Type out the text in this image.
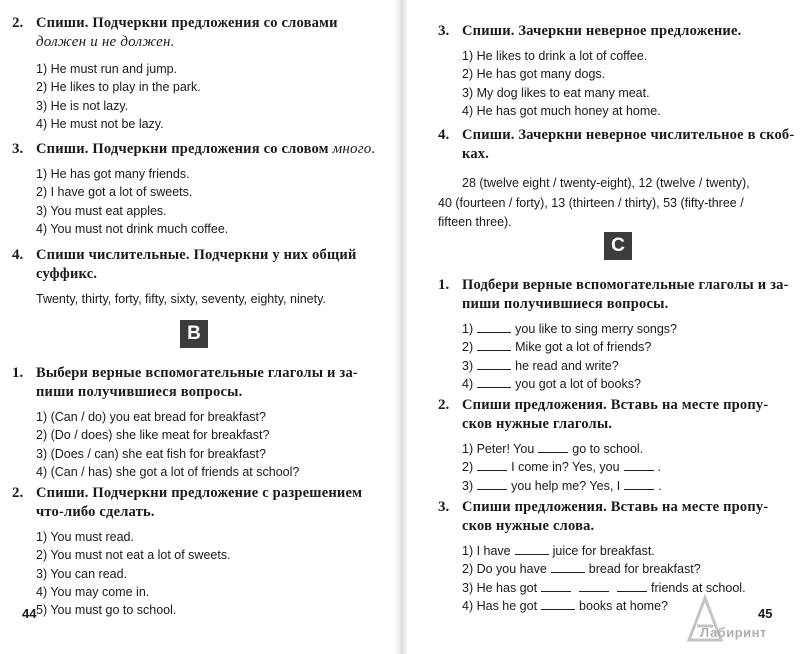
2. Спиши. Подчеркни предложения со словами
должен и не должен.
1) He must run and jump.
2) He likes to play in the park.
3) He is not lazy.
4) He must not be lazy.
3. Спиши. Подчеркни предложения со словом много.
1) He has got many friends.
2) I have got a lot of sweets.
3) You must eat apples.
4) You must not drink much coffee.
4. Спиши числительные. Подчеркни у них общий
суффикс.
Twenty, thirty, forty, fifty, sixty, seventy, eighty, ninety.
B
1. Выбери верные вспомогательные глаголы и за-
пиши получившиеся вопросы.
1) (Can / do) you eat bread for breakfast?
2) (Do / does) she like meat for breakfast?
3) (Does / can) she eat fish for breakfast?
4) (Can / has) she got a lot of friends at school?
2. Спиши. Подчеркни предложение с разрешением
что-либо сделать.
1) You must read.
2) You must not eat a lot of sweets.
3) You can read.
4) You may come in.
5) You must go to school.
44
3. Спиши. Зачеркни неверное предложение.
1) He likes to drink a lot of coffee.
2) He has got many dogs.
3) My dog likes to eat many meat.
4) He has got much honey at home.
4. Спиши. Зачеркни неверное числительное в скоб-
ках.
28 (twelve eight / twenty-eight), 12 (twelve / twenty),
40 (fourteen / forty), 13 (thirteen / thirty), 53 (fifty-three /
fifteen three).
C
1. Подбери верные вспомогательные глаголы и за-
пиши получившиеся вопросы.
1)	you like to sing merry songs?
2)	Mike got a lot of friends?
3)	he read and write?
4)	you got a lot of books?
2. Спиши предложения. Вставь на месте пропу-
сков нужные глаголы.
1) Peter! You	go to school.
2)	I come in? Yes, you	.
3)	you help me? Yes, I	.
3. Спиши предложения. Вставь на месте пропу-
сков нужные слова.
1) I have	juice for breakfast.
2) Do you have	bread for breakfast?
3) He has got	friends at school.
4) Has he got	books at home?
45
Лабиринт
